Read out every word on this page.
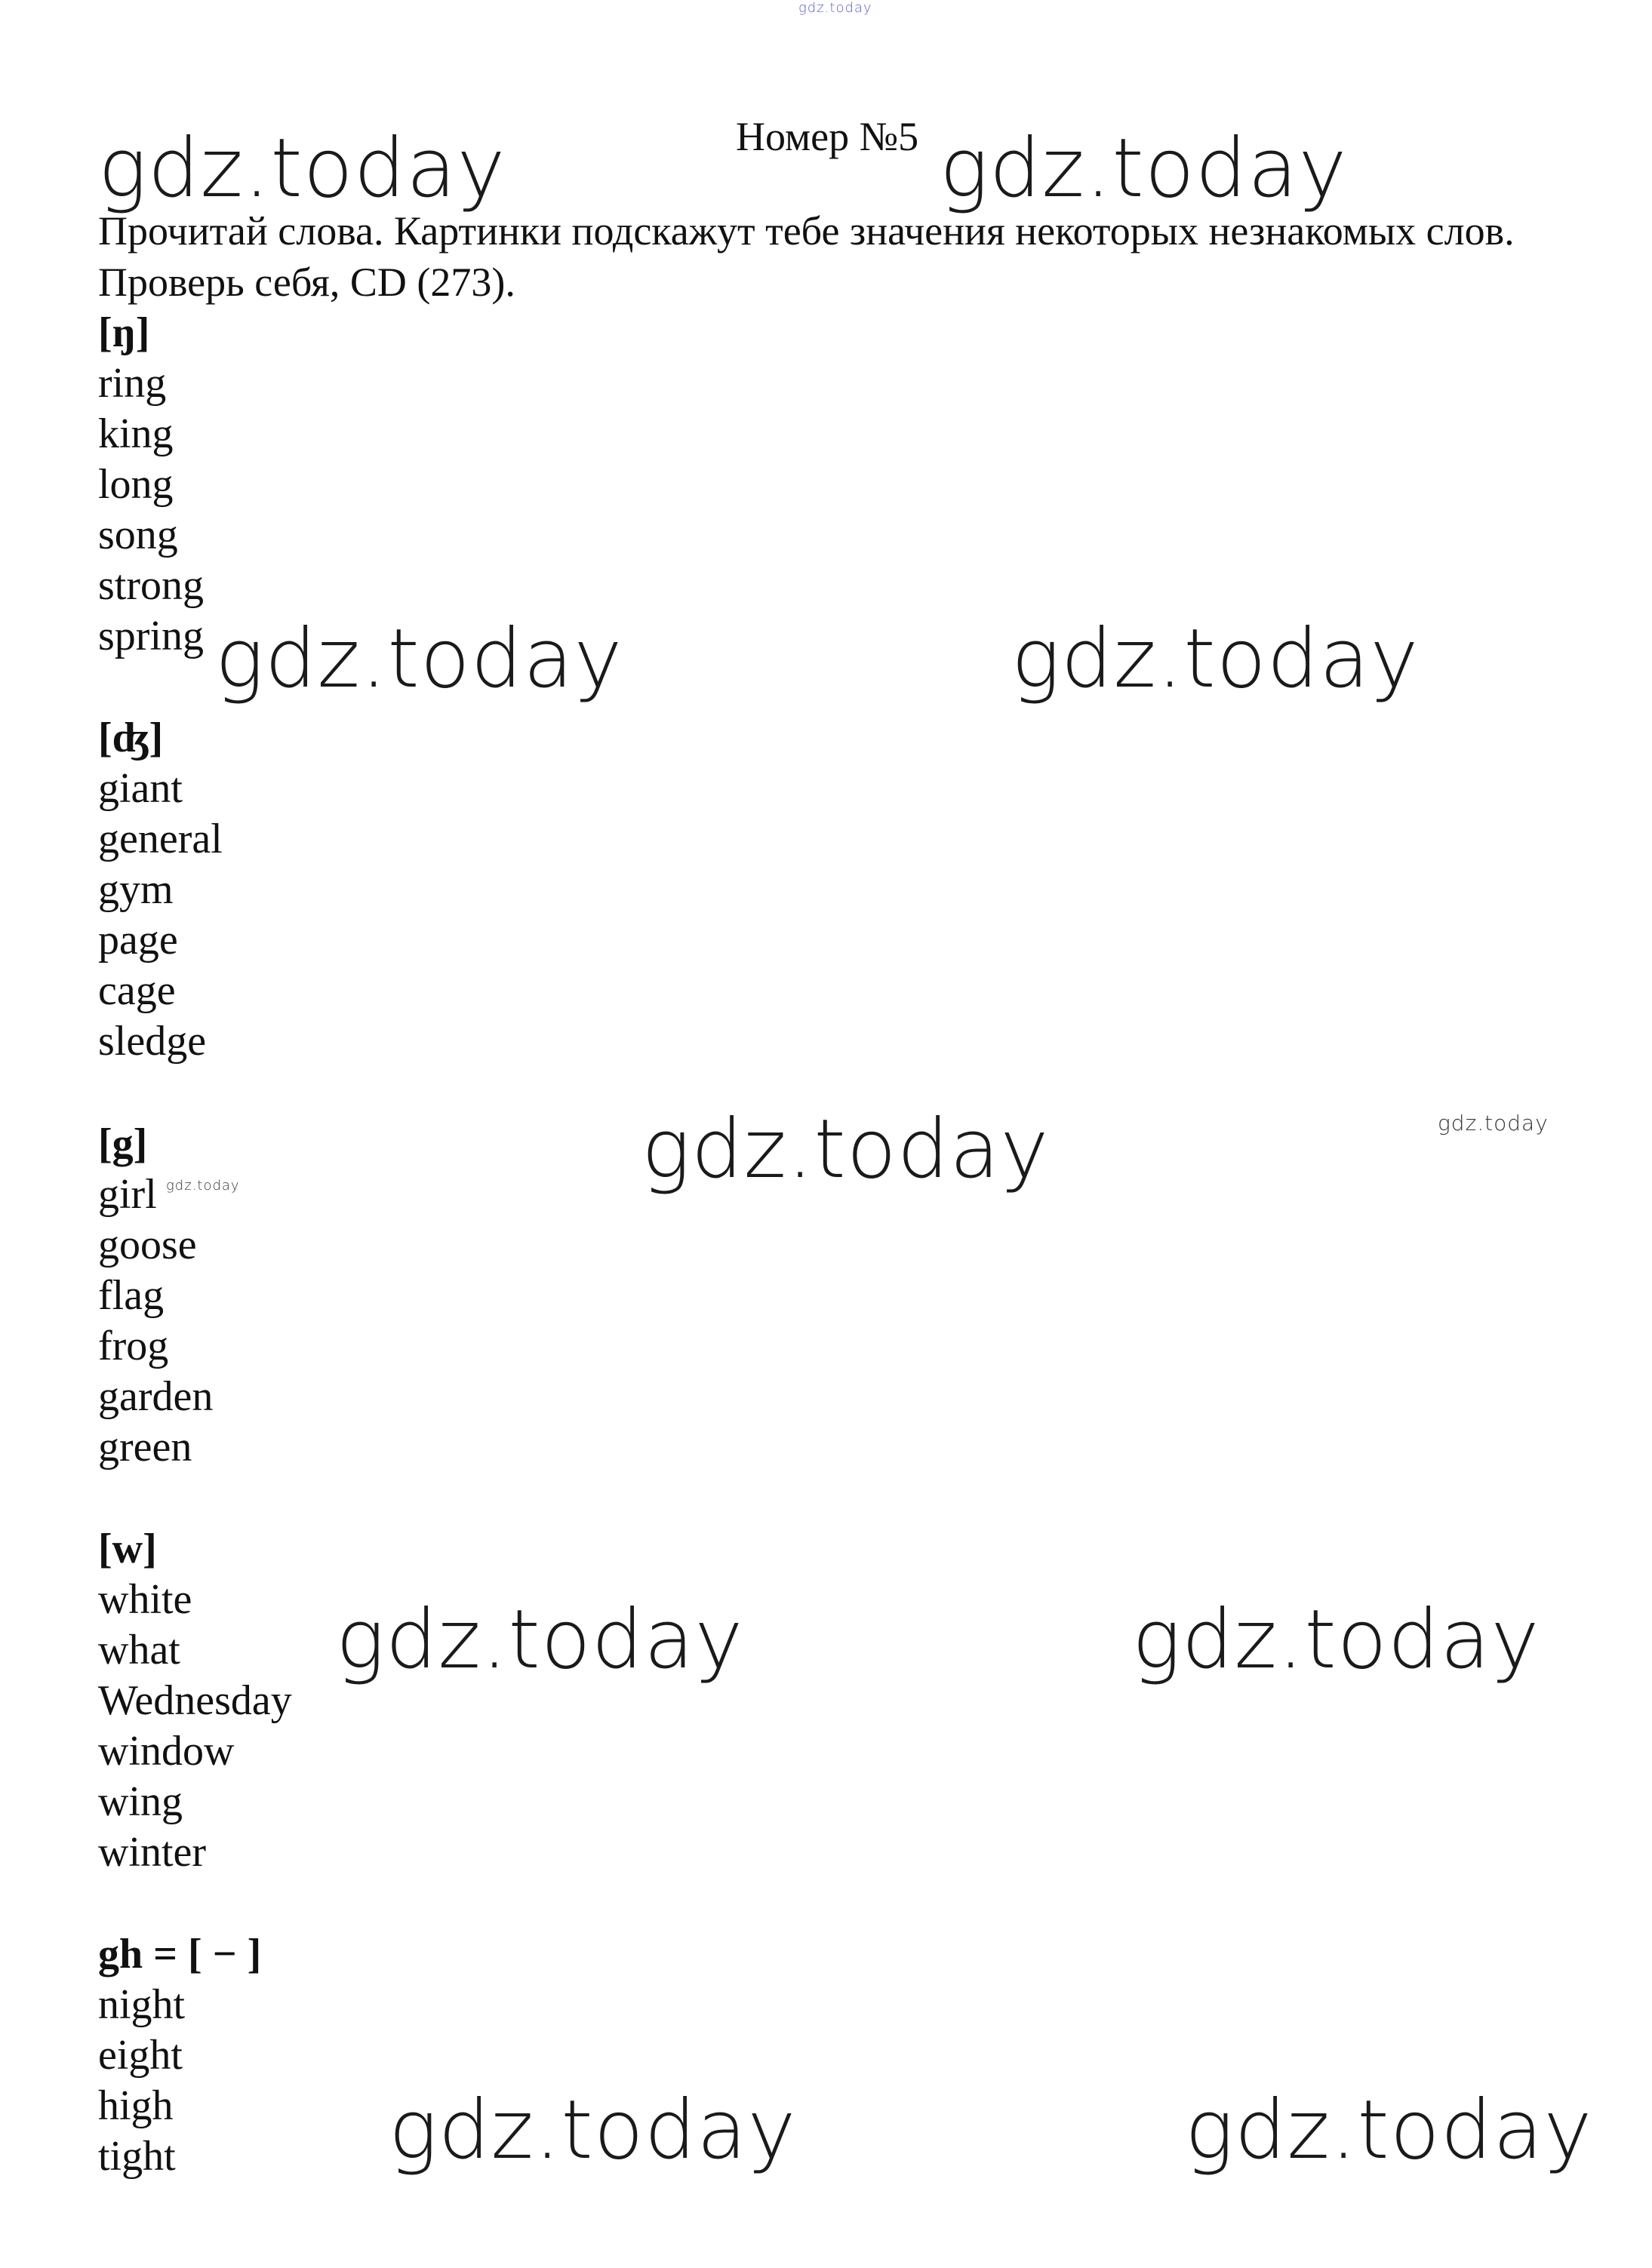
gdz.today
gdz.today	gdz.today
gdz.today	gdz.today
gdz.today	gdz.today
gdz.today
gdz.today	gdz.today
gdz.today	gdz.today
Номер №5
Прочитай слова. Картинки подскажут тебе значения некоторых незнакомых слов. Проверь себя, CD (273).
[ŋ]
ring
king
long
song
strong
spring
[ʤ]
giant
general
gym
page
cage
sledge
[g]
girl
goose
flag
frog
garden
green
[w]
white
what
Wednesday
window
wing
winter
gh = [ − ]
night
eight
high
tight
